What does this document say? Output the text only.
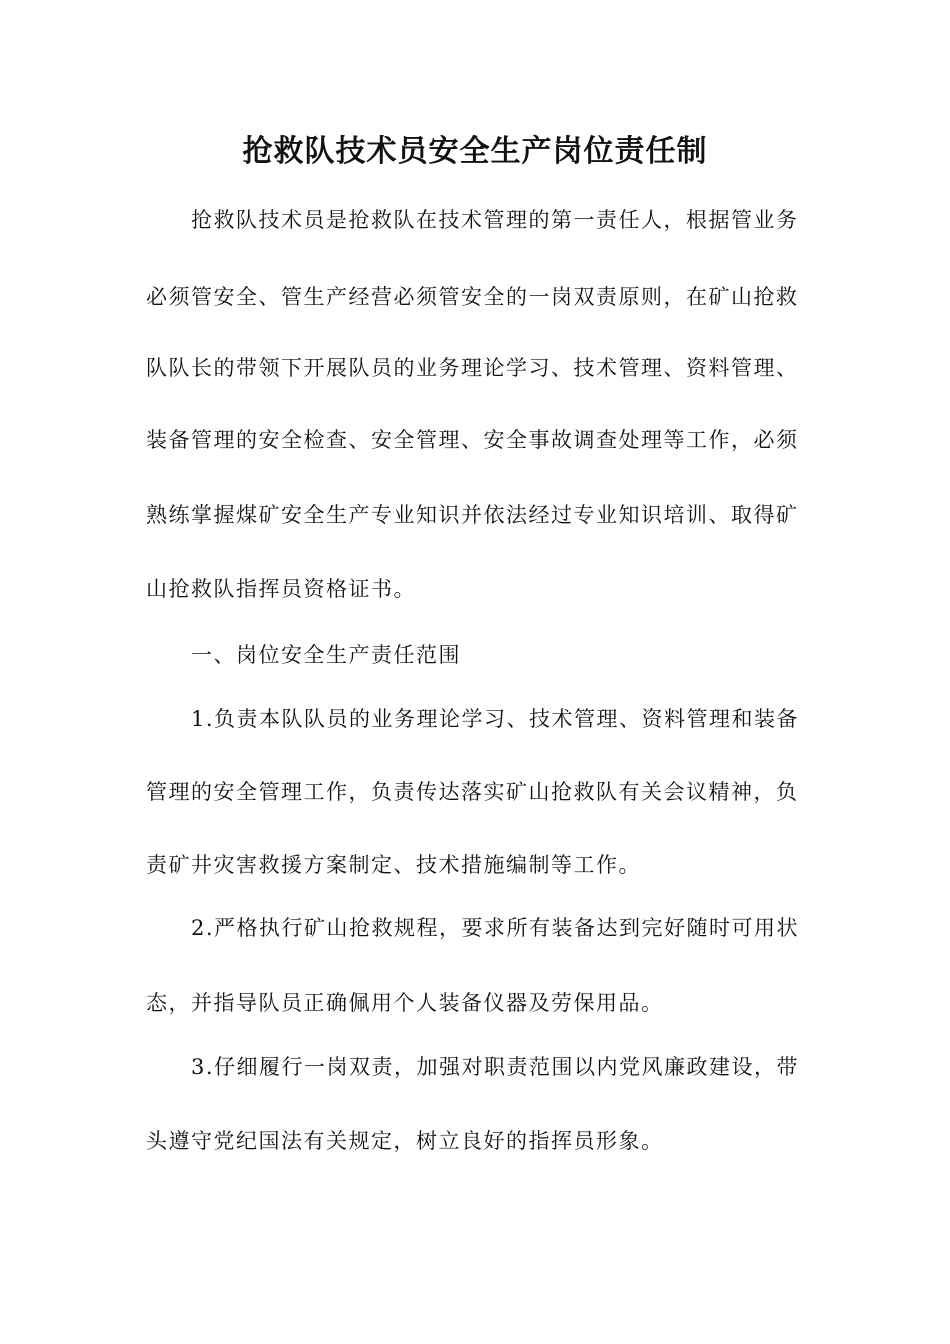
抢救队技术员安全生产岗位责任制
抢救队技术员是抢救队在技术管理的第一责任人，根据管业务
必须管安全、管生产经营必须管安全的一岗双责原则，在矿山抢救
队队长的带领下开展队员的业务理论学习、技术管理、资料管理、
装备管理的安全检查、安全管理、安全事故调查处理等工作，必须
熟练掌握煤矿安全生产专业知识并依法经过专业知识培训、取得矿
山抢救队指挥员资格证书。
一、岗位安全生产责任范围
1.负责本队队员的业务理论学习、技术管理、资料管理和装备
管理的安全管理工作，负责传达落实矿山抢救队有关会议精神，负
责矿井灾害救援方案制定、技术措施编制等工作。
2.严格执行矿山抢救规程，要求所有装备达到完好随时可用状
态，并指导队员正确佩用个人装备仪器及劳保用品。
3.仔细履行一岗双责，加强对职责范围以内党风廉政建设，带
头遵守党纪国法有关规定，树立良好的指挥员形象。
